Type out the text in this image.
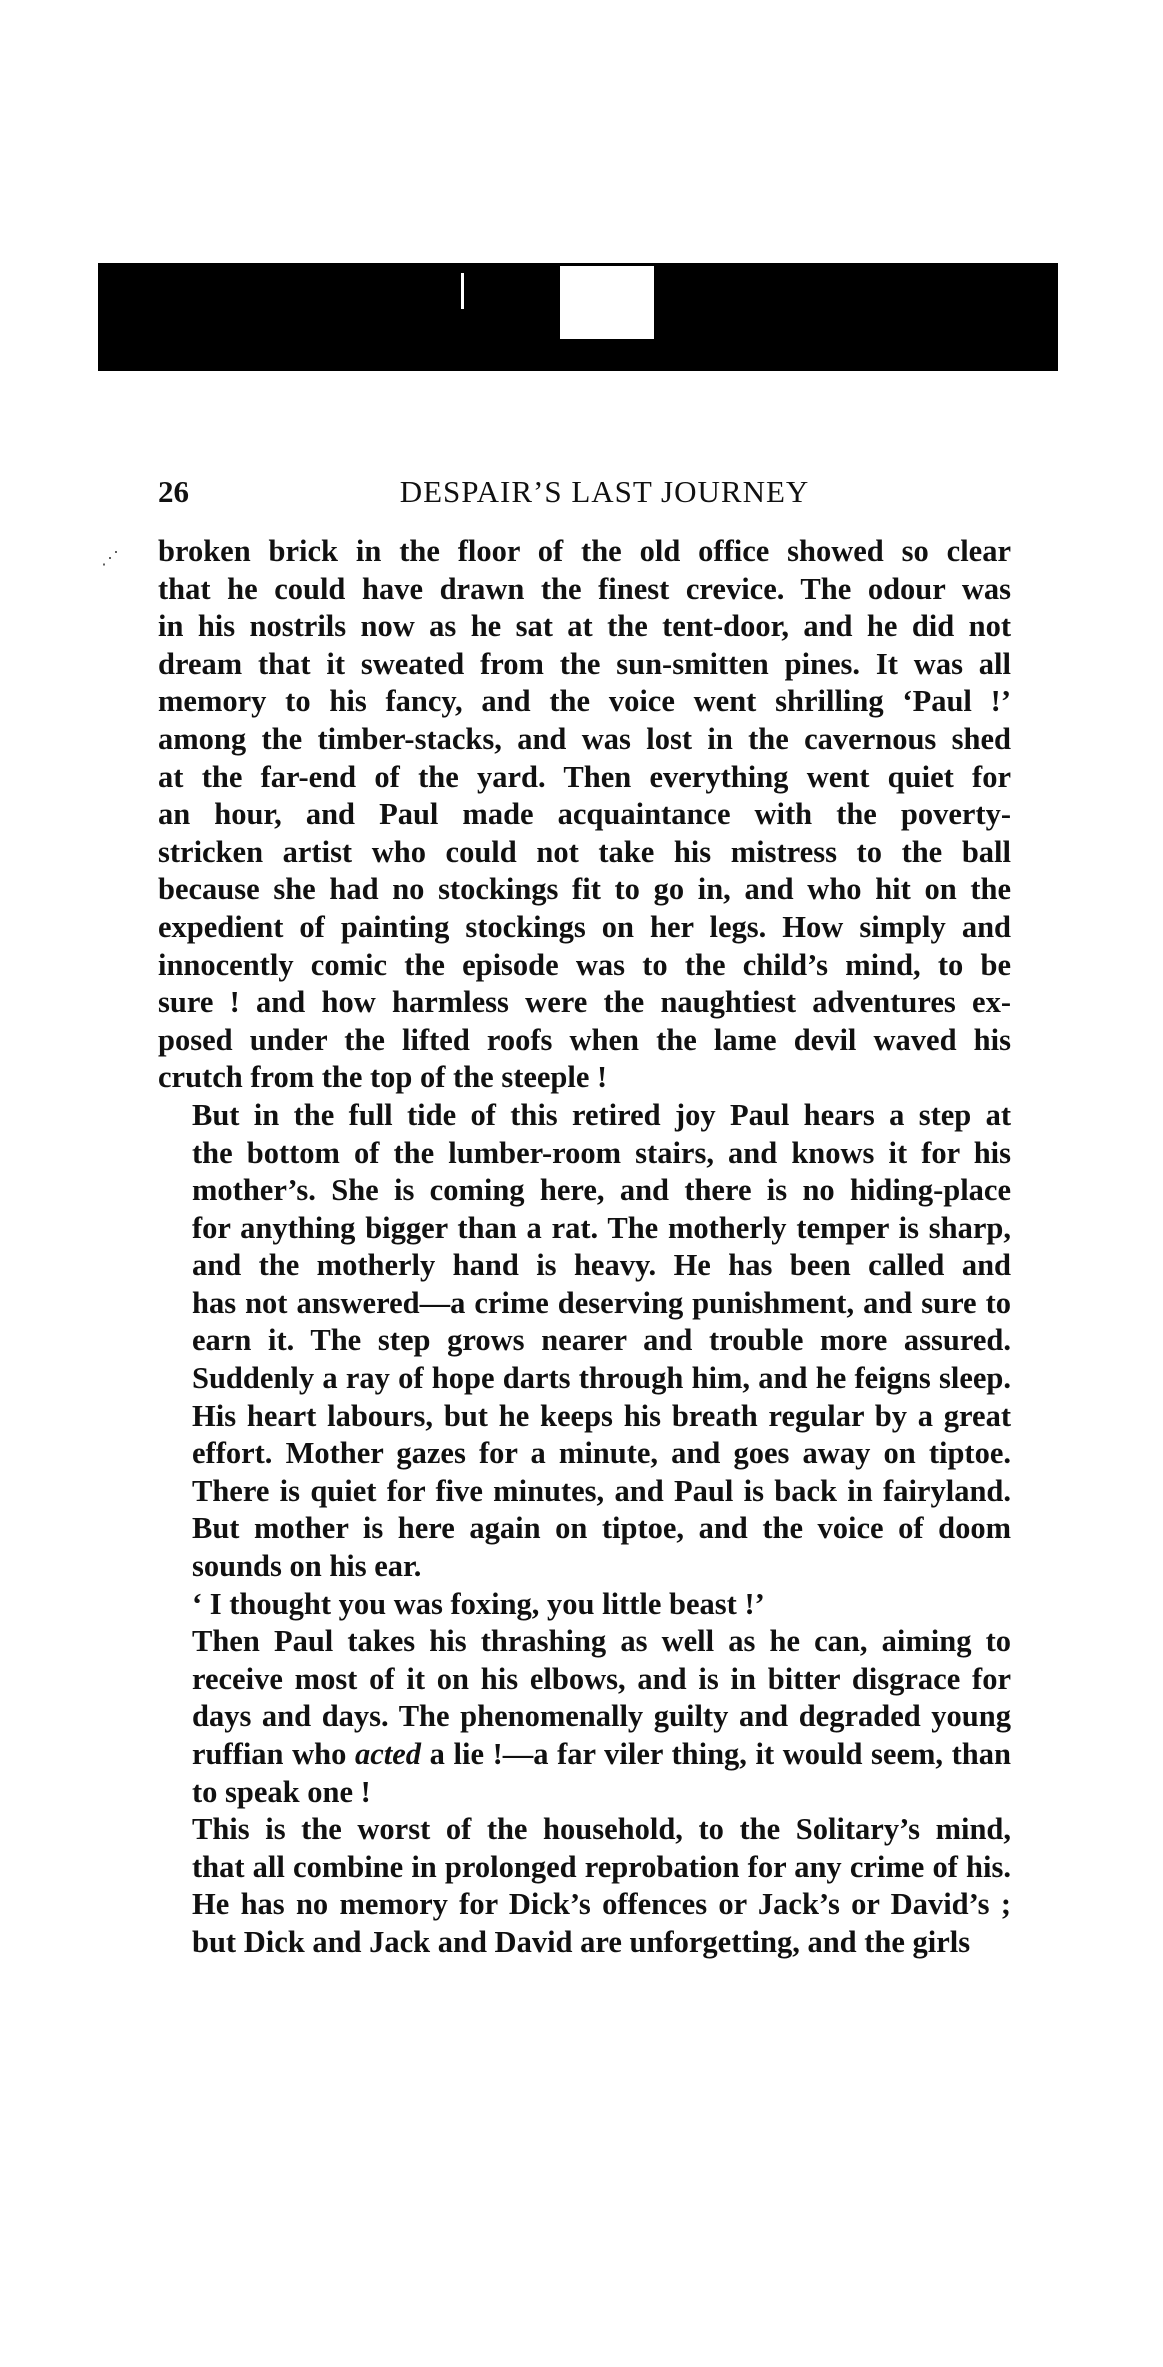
26	DESPAIR’S LAST JOURNEY
⋰ broken brick in the floor of the old office showed so clear
that he could have drawn the finest crevice. The odour was
in his nostrils now as he sat at the tent-door, and he did not
dream that it sweated from the sun-smitten pines. It was all
memory to his fancy, and the voice went shrilling ‘Paul !’
among the timber-stacks, and was lost in the cavernous shed
at the far-end of the yard. Then everything went quiet for
an hour, and Paul made acquaintance with the poverty-
stricken artist who could not take his mistress to the ball
because she had no stockings fit to go in, and who hit on the
expedient of painting stockings on her legs. How simply and
innocently comic the episode was to the child’s mind, to be
sure ! and how harmless were the naughtiest adventures ex-
posed under the lifted roofs when the lame devil waved his
crutch from the top of the steeple !

But in the full tide of this retired joy Paul hears a step at
the bottom of the lumber-room stairs, and knows it for his
mother’s. She is coming here, and there is no hiding-place
for anything bigger than a rat. The motherly temper is sharp,
and the motherly hand is heavy. He has been called and
has not answered—a crime deserving punishment, and sure to
earn it. The step grows nearer and trouble more assured.
Suddenly a ray of hope darts through him, and he feigns sleep.
His heart labours, but he keeps his breath regular by a great
effort. Mother gazes for a minute, and goes away on tiptoe.
There is quiet for five minutes, and Paul is back in fairyland.
But mother is here again on tiptoe, and the voice of doom
sounds on his ear.

‘ I thought you was foxing, you little beast !’

Then Paul takes his thrashing as well as he can, aiming to
receive most of it on his elbows, and is in bitter disgrace for
days and days. The phenomenally guilty and degraded young
ruffian who acted a lie !—a far viler thing, it would seem, than
to speak one !

This is the worst of the household, to the Solitary’s mind,
that all combine in prolonged reprobation for any crime of his.
He has no memory for Dick’s offences or Jack’s or David’s ;
but Dick and Jack and David are unforgetting, and the girls
